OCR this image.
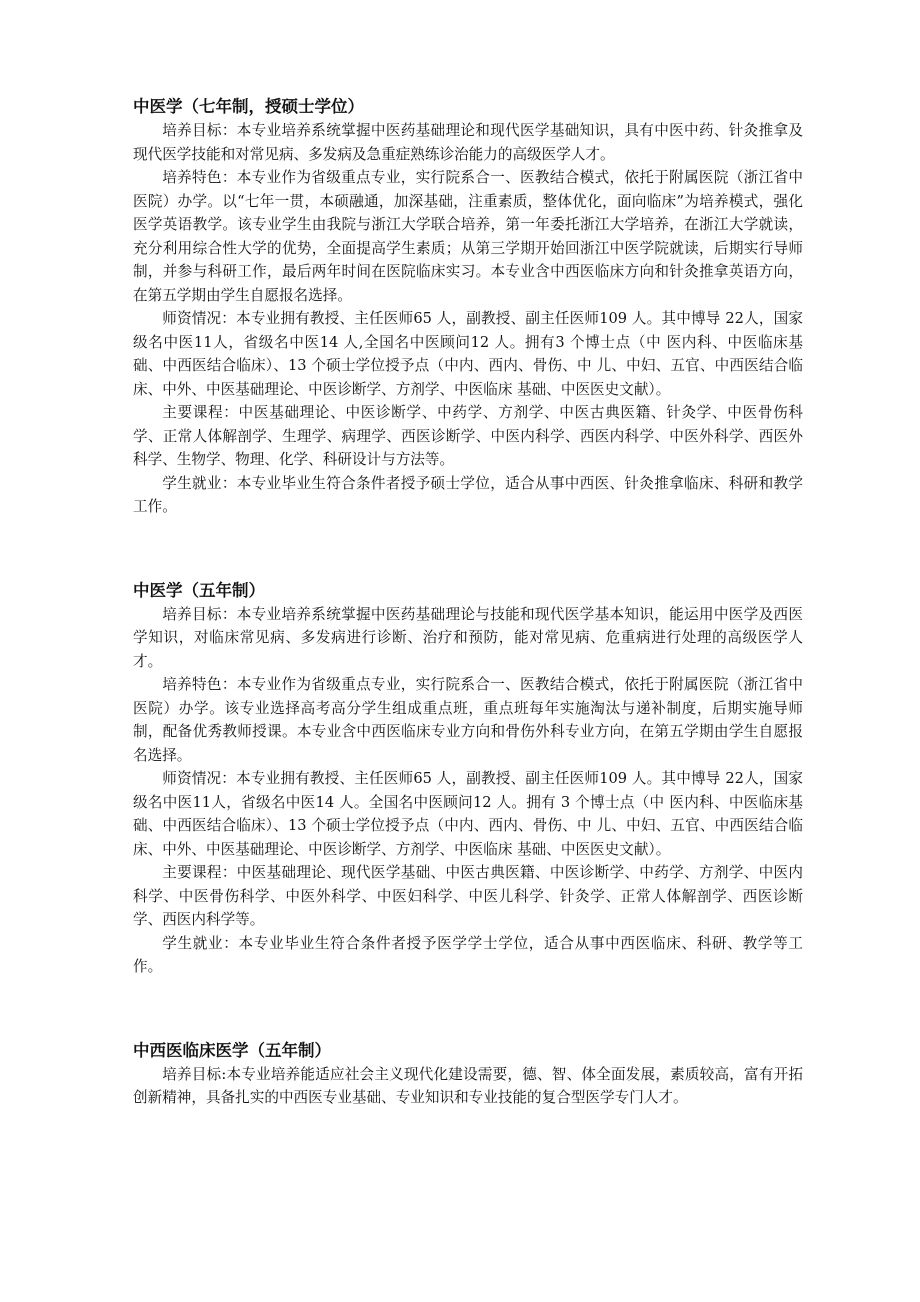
中医学（七年制，授硕士学位）

培养目标：本专业培养系统掌握中医药基础理论和现代医学基础知识，具有中医中药、针灸推拿及现代医学技能和对常见病、多发病及急重症熟练诊治能力的高级医学人才。

培养特色：本专业作为省级重点专业，实行院系合一、医教结合模式，依托于附属医院（浙江省中医院）办学。以“七年一贯，本硕融通，加深基础，注重素质，整体优化，面向临床”为培养模式，强化医学英语教学。该专业学生由我院与浙江大学联合培养，第一年委托浙江大学培养，在浙江大学就读，充分利用综合性大学的优势，全面提高学生素质；从第三学期开始回浙江中医学院就读，后期实行导师制，并参与科研工作，最后两年时间在医院临床实习。本专业含中西医临床方向和针灸推拿英语方向，在第五学期由学生自愿报名选择。

师资情况：本专业拥有教授、主任医师65 人，副教授、副主任医师109 人。其中博导 22人，国家级名中医11人，省级名中医14 人,全国名中医顾问12 人。拥有3 个博士点（中 医内科、中医临床基础、中西医结合临床）、13 个硕士学位授予点（中内、西内、骨伤、中 儿、中妇、五官、中西医结合临床、中外、中医基础理论、中医诊断学、方剂学、中医临床 基础、中医医史文献）。

主要课程：中医基础理论、中医诊断学、中药学、方剂学、中医古典医籍、针灸学、中医骨伤科学、正常人体解剖学、生理学、病理学、西医诊断学、中医内科学、西医内科学、中医外科学、西医外科学、生物学、物理、化学、科研设计与方法等。

学生就业：本专业毕业生符合条件者授予硕士学位，适合从事中西医、针灸推拿临床、科研和教学工作。

中医学（五年制）

培养目标：本专业培养系统掌握中医药基础理论与技能和现代医学基本知识，能运用中医学及西医学知识，对临床常见病、多发病进行诊断、治疗和预防，能对常见病、危重病进行处理的高级医学人才。

培养特色：本专业作为省级重点专业，实行院系合一、医教结合模式，依托于附属医院（浙江省中医院）办学。该专业选择高考高分学生组成重点班，重点班每年实施淘汰与递补制度，后期实施导师制，配备优秀教师授课。本专业含中西医临床专业方向和骨伤外科专业方向，在第五学期由学生自愿报名选择。

师资情况：本专业拥有教授、主任医师65 人，副教授、副主任医师109 人。其中博导 22人，国家级名中医11人，省级名中医14 人。全国名中医顾问12 人。拥有 3 个博士点（中 医内科、中医临床基础、中西医结合临床）、13 个硕士学位授予点（中内、西内、骨伤、中 儿、中妇、五官、中西医结合临床、中外、中医基础理论、中医诊断学、方剂学、中医临床 基础、中医医史文献）。

主要课程：中医基础理论、现代医学基础、中医古典医籍、中医诊断学、中药学、方剂学、中医内科学、中医骨伤科学、中医外科学、中医妇科学、中医儿科学、针灸学、正常人体解剖学、西医诊断学、西医内科学等。

学生就业：本专业毕业生符合条件者授予医学学士学位，适合从事中西医临床、科研、教学等工作。

中西医临床医学（五年制）

培养目标:本专业培养能适应社会主义现代化建设需要，德、智、体全面发展，素质较高，富有开拓创新精神，具备扎实的中西医专业基础、专业知识和专业技能的复合型医学专门人才。
